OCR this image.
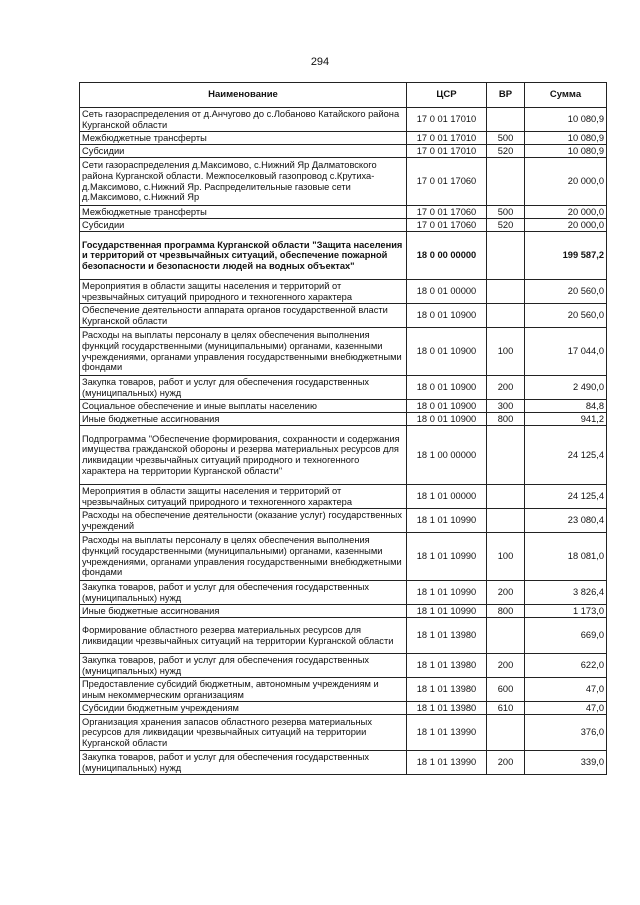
294
Наименование	ЦСР	ВР	Сумма
Сеть газораспределения от д.Анчугово до с.Лобаново Катайского района Курганской области	17 0 01 17010		10 080,9
Межбюджетные трансферты	17 0 01 17010	500	10 080,9
Субсидии	17 0 01 17010	520	10 080,9
Сети газораспределения д.Максимово, с.Нижний Яр Далматовского района Курганской области. Межпоселковый газопровод с.Крутиха-д.Максимово, с.Нижний Яр. Распределительные газовые сети д.Максимово, с.Нижний Яр	17 0 01 17060		20 000,0
Межбюджетные трансферты	17 0 01 17060	500	20 000,0
Субсидии	17 0 01 17060	520	20 000,0
Государственная программа Курганской области "Защита населения и территорий от чрезвычайных ситуаций, обеспечение пожарной безопасности и безопасности людей на водных объектах"	18 0 00 00000		199 587,2
Мероприятия в области защиты населения и территорий от чрезвычайных ситуаций природного и техногенного характера	18 0 01 00000		20 560,0
Обеспечение деятельности аппарата органов государственной власти Курганской области	18 0 01 10900		20 560,0
Расходы на выплаты персоналу в целях обеспечения выполнения функций государственными (муниципальными) органами, казенными учреждениями, органами управления государственными внебюджетными фондами	18 0 01 10900	100	17 044,0
Закупка товаров, работ и услуг для обеспечения государственных (муниципальных) нужд	18 0 01 10900	200	2 490,0
Социальное обеспечение и иные выплаты населению	18 0 01 10900	300	84,8
Иные бюджетные ассигнования	18 0 01 10900	800	941,2
Подпрограмма "Обеспечение формирования, сохранности и содержания имущества гражданской обороны и резерва материальных ресурсов для ликвидации чрезвычайных ситуаций природного и техногенного характера на территории Курганской области"	18 1 00 00000		24 125,4
Мероприятия в области защиты населения и территорий от чрезвычайных ситуаций природного и техногенного характера	18 1 01 00000		24 125,4
Расходы на обеспечение деятельности (оказание услуг) государственных учреждений	18 1 01 10990		23 080,4
Расходы на выплаты персоналу в целях обеспечения выполнения функций государственными (муниципальными) органами, казенными учреждениями, органами управления государственными внебюджетными фондами	18 1 01 10990	100	18 081,0
Закупка товаров, работ и услуг для обеспечения государственных (муниципальных) нужд	18 1 01 10990	200	3 826,4
Иные бюджетные ассигнования	18 1 01 10990	800	1 173,0
Формирование областного резерва материальных ресурсов для ликвидации чрезвычайных ситуаций на территории Курганской области	18 1 01 13980		669,0
Закупка товаров, работ и услуг для обеспечения государственных (муниципальных) нужд	18 1 01 13980	200	622,0
Предоставление субсидий бюджетным, автономным учреждениям и иным некоммерческим организациям	18 1 01 13980	600	47,0
Субсидии бюджетным учреждениям	18 1 01 13980	610	47,0
Организация хранения запасов областного резерва материальных ресурсов для ликвидации чрезвычайных ситуаций на территории Курганской области	18 1 01 13990		376,0
Закупка товаров, работ и услуг для обеспечения государственных (муниципальных) нужд	18 1 01 13990	200	339,0
